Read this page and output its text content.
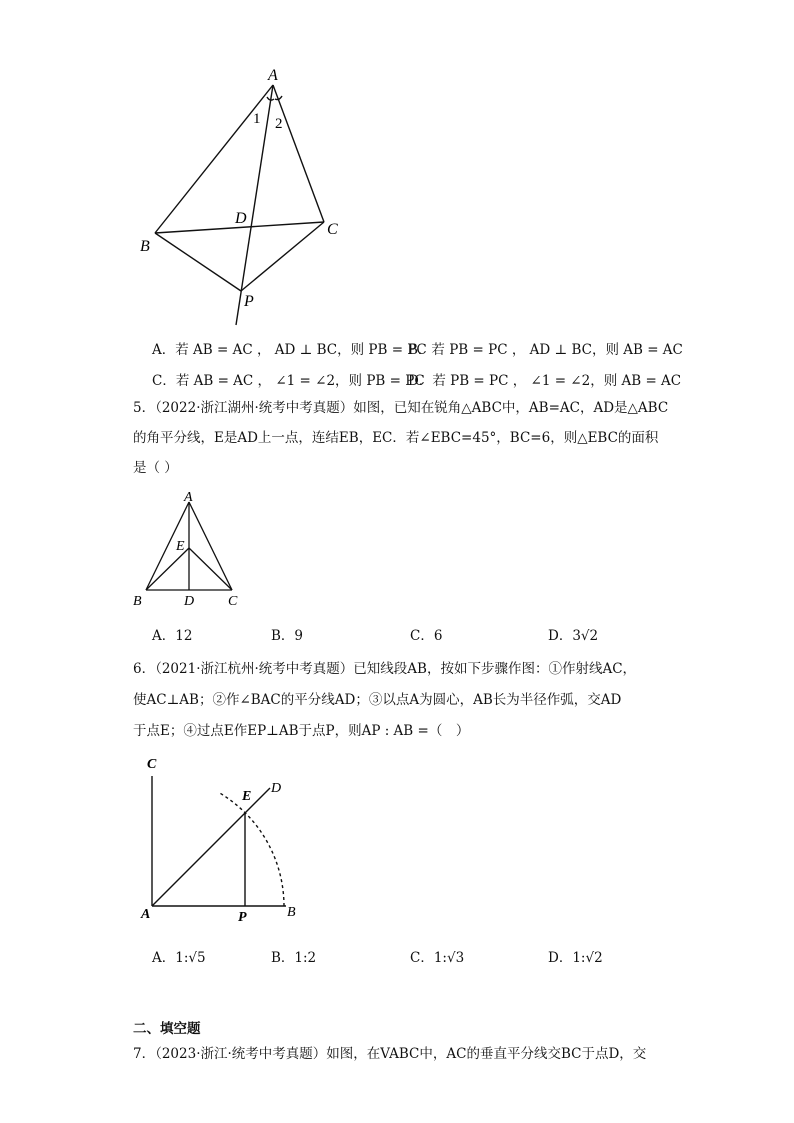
A
1 2
D
C
B
P
A．若 AB = AC ， AD ⊥ BC，则 PB = PC
B．若 PB = PC ， AD ⊥ BC，则 AB = AC
C．若 AB = AC ， ∠1 = ∠2，则 PB = PC
D．若 PB = PC ， ∠1 = ∠2，则 AB = AC
5．（2022·浙江湖州·统考中考真题）如图，已知在锐角△ABC中，AB=AC，AD是△ABC
的角平分线，E是AD上一点，连结EB，EC．若∠EBC=45°，BC=6，则△EBC的面积
是（ ）
A
E
B	D C
A．12	B．9	C．6	D．3√2
6．（2021·浙江杭州·统考中考真题）已知线段AB，按如下步骤作图：①作射线AC，
使AC⊥AB；②作∠BAC的平分线AD；③以点A为圆心，AB长为半径作弧，交AD
于点E；④过点E作EP⊥AB于点P，则AP : AB =（　）
C
D
E
A	P	B
A．1:√5	B．1:2	C．1:√3	D．1:√2
二、填空题
7．（2023·浙江·统考中考真题）如图，在VABC中，AC的垂直平分线交BC于点D，交
